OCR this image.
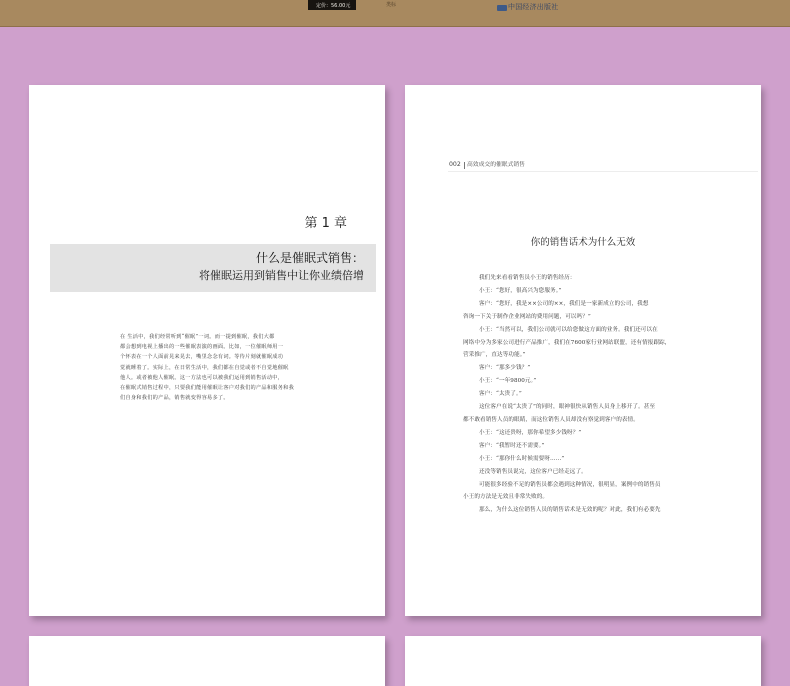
定价：56.00元	类标	中国经济出版社
第 1 章
什么是催眠式销售：
将催眠运用到销售中让你业绩倍增
在 生活中，我们经常听到“催眠”一词。而一提到催眠，我们大都
都会想到电视上播出的一些催眠表演的画面。比如，一位催眠师用一
个怀表在一个人面前晃来晃去，嘴里念念有词。等待片刻就催眠成功
觉就睡着了。实际上，在日常生活中，我们都在自觉或者不自觉地催眠
他人。或者被他人催眠。这一方法也可以被我们运用到销售活动中，
在催眠式销售过程中，只要我们能用催眠让客户对我们的产品和服务和我
们自身和我们的产品，销售就变得容易多了。
002 高效成交的催眠式销售
你的销售话术为什么无效
我们先来看看销售员小王的销售经历：
小王：“您好，很高兴为您服务。”
客户：“您好，我是××公司的××，我们是一家新成立的公司，我想
咨询一下关于制作企业网站的费用问题，可以吗？”
小王：“当然可以，我们公司就可以给您做这方面的业务。我们还可以在
网络中分为多家公司进行产品推广，我们在7600家行业网站联盟，还有情报跟踪，
营采推广，直达等功能。”
客户：“那多少钱？”
小王：“一年9800元。”
客户：“太贵了。”
这位客户在说“太贵了”的同时，眼神很快从销售人员身上移开了。甚至
都不敢看销售人员的眼睛，而这位销售人员却没有察觉到客户的表情。
小王：“这还贵呀，那你希望多少钱呀？”
客户：“我暂时还不需要。”
小王：“那你什么时候需要呀……”
还没等销售员说完，这位客户已经走远了。
可能很多经验不足的销售员都会遇到这种情况，很明显，案例中的销售员
小王的方法是无效且非常失败的。
那么，为什么这位销售人员的销售话术是无效的呢？对此，我们有必要先
